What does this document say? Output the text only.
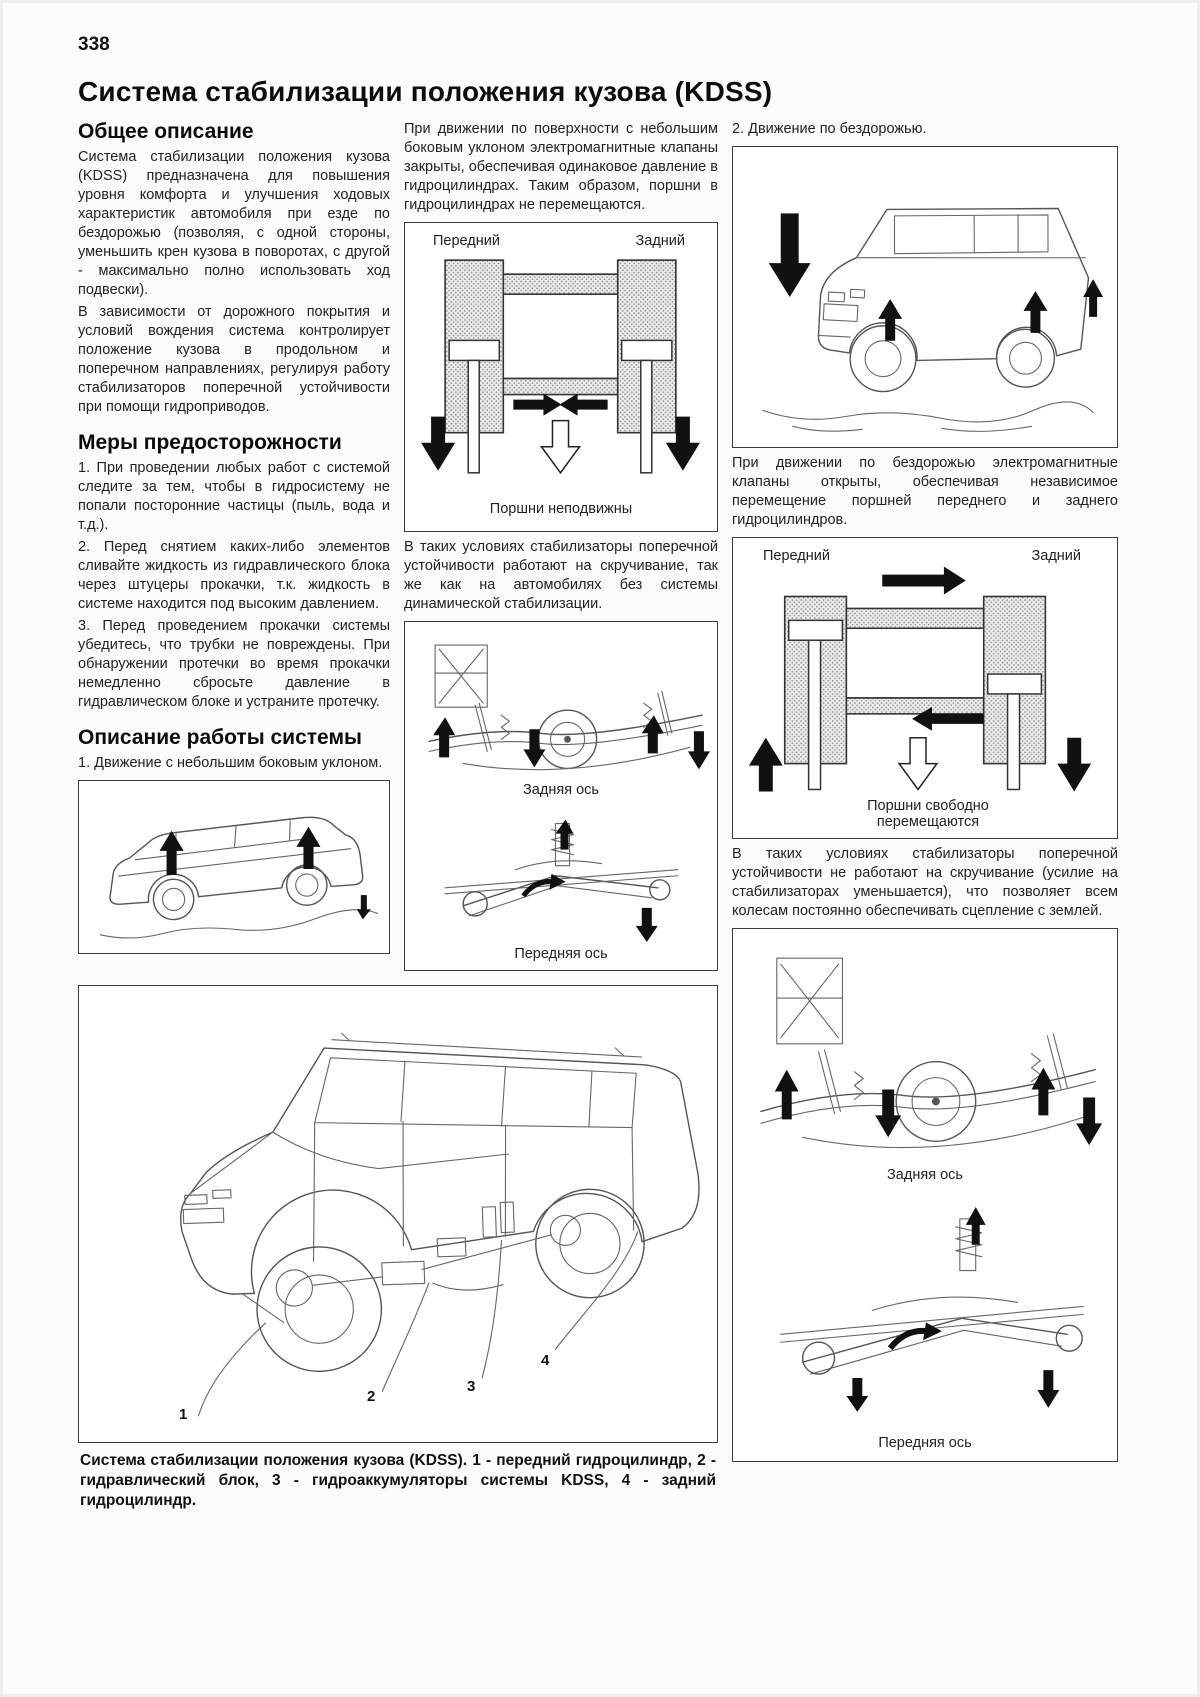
338
Система стабилизации положения кузова (KDSS)
Общее описание

Система стабилизации положения кузова (KDSS) предназначена для повышения уровня комфорта и улучшения ходовых характеристик автомобиля при езде по бездорожью (позволяя, с одной стороны, уменьшить крен кузова в поворотах, с другой - максимально полно использовать ход подвески).

В зависимости от дорожного покрытия и условий вождения система контролирует положение кузова в продольном и поперечном направлениях, регулируя работу стабилизаторов поперечной устойчивости при помощи гидроприводов.

Меры предосторожности

1. При проведении любых работ с системой следите за тем, чтобы в гидросистему не попали посторонние частицы (пыль, вода и т.д.).

2. Перед снятием каких-либо элементов сливайте жидкость из гидравлического блока через штуцеры прокачки, т.к. жидкость в системе находится под высоким давлением.

3. Перед проведением прокачки системы убедитесь, что трубки не повреждены. При обнаружении протечки во время прокачки немедленно сбросьте давление в гидравлическом блоке и устраните протечку.

Описание работы системы

1. Движение с небольшим боковым уклоном.

При движении по поверхности с небольшим боковым уклоном электромагнитные клапаны закрыты, обеспечивая одинаковое давление в гидроцилиндрах. Таким образом, поршни в гидроцилиндрах не перемещаются.

Передний	Задний
Поршни неподвижны

В таких условиях стабилизаторы поперечной устойчивости работают на скручивание, так же как на автомобилях без системы динамической стабилизации.

Задняя ось
Передняя ось

2. Движение по бездорожью.

При движении по бездорожью электромагнитные клапаны открыты, обеспечивая независимое перемещение поршней переднего и заднего гидроцилиндров.

Передний	Задний
Поршни свободно перемещаются

В таких условиях стабилизаторы поперечной устойчивости не работают на скручивание (усилие на стабилизаторах уменьшается), что позволяет всем колесам постоянно обеспечивать сцепление с землей.

Задняя ось
Передняя ось
1
2
3
4

Система стабилизации положения кузова (KDSS). 1 - передний гидроцилиндр, 2 - гидравлический блок, 3 - гидроаккумуляторы системы KDSS, 4 - задний гидроцилиндр.
